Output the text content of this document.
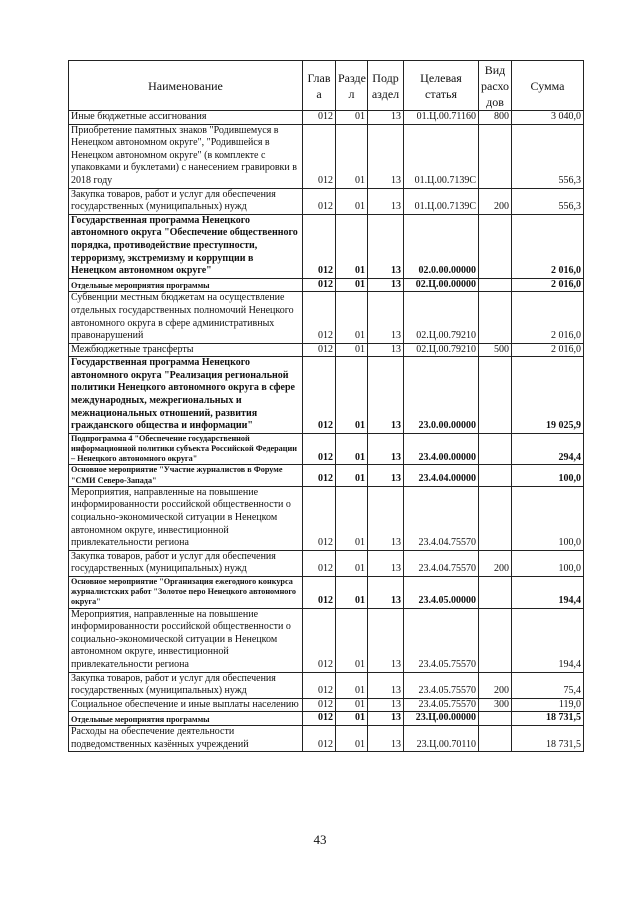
Наименование	Глав а	Разде л	Подр аздел	Целевая статья	Вид расхо дов	Сумма
Иные бюджетные ассигнования	012	01	13	01.Ц.00.71160	800	3 040,0
Приобретение памятных знаков "Родившемуся в Ненецком автономном округе", "Родившейся в Ненецком автономном округе" (в комплекте с упаковками и буклетами) с нанесением гравировки в 2018 году	012	01	13	01.Ц.00.7139С		556,3
Закупка товаров, работ и услуг для обеспечения государственных (муниципальных) нужд	012	01	13	01.Ц.00.7139С	200	556,3
Государственная программа Ненецкого автономного округа "Обеспечение общественного порядка, противодействие преступности, терроризму, экстремизму и коррупции в Ненецком автономном округе"	012	01	13	02.0.00.00000		2 016,0
Отдельные мероприятия программы	012	01	13	02.Ц.00.00000		2 016,0
Субвенции местным бюджетам на осуществление отдельных государственных полномочий Ненецкого автономного округа в сфере административных правонарушений	012	01	13	02.Ц.00.79210		2 016,0
Межбюджетные трансферты	012	01	13	02.Ц.00.79210	500	2 016,0
Государственная программа Ненецкого автономного округа "Реализация региональной политики Ненецкого автономного округа в сфере международных, межрегиональных и межнациональных отношений, развития гражданского общества и информации"	012	01	13	23.0.00.00000		19 025,9
Подпрограмма 4 "Обеспечение государственной информационной политики субъекта Российской Федерации – Ненецкого автономного округа"	012	01	13	23.4.00.00000		294,4
Основное мероприятие "Участие журналистов в Форуме "СМИ Северо-Запада"	012	01	13	23.4.04.00000		100,0
Мероприятия, направленные на повышение информированности российской общественности о социально-экономической ситуации в Ненецком автономном округе, инвестиционной привлекательности региона	012	01	13	23.4.04.75570		100,0
Закупка товаров, работ и услуг для обеспечения государственных (муниципальных) нужд	012	01	13	23.4.04.75570	200	100,0
Основное мероприятие "Организация ежегодного конкурса журналистских работ "Золотое перо Ненецкого автономного округа"	012	01	13	23.4.05.00000		194,4
Мероприятия, направленные на повышение информированности российской общественности о социально-экономической ситуации в Ненецком автономном округе, инвестиционной привлекательности региона	012	01	13	23.4.05.75570		194,4
Закупка товаров, работ и услуг для обеспечения государственных (муниципальных) нужд	012	01	13	23.4.05.75570	200	75,4
Социальное обеспечение и иные выплаты населению	012	01	13	23.4.05.75570	300	119,0
Отдельные мероприятия программы	012	01	13	23.Ц.00.00000		18 731,5
Расходы на обеспечение деятельности подведомственных казённых учреждений	012	01	13	23.Ц.00.70110		18 731,5
43
